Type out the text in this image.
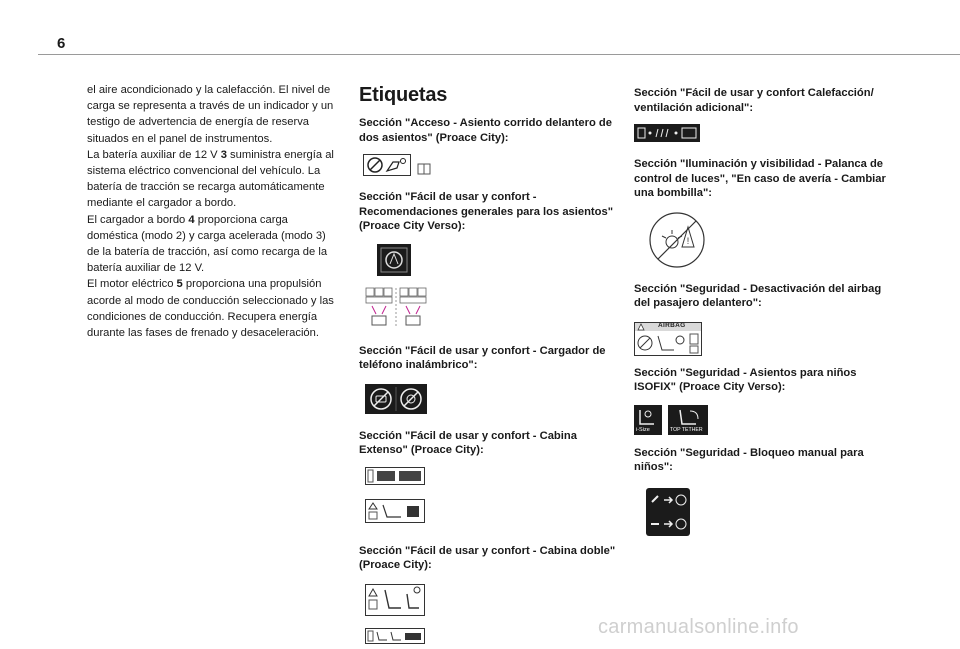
6

el aire acondicionado y la calefacción. El nivel de carga se representa a través de un indicador y un testigo de advertencia de energía de reserva situados en el panel de instrumentos.

La batería auxiliar de 12 V 3 suministra energía al sistema eléctrico convencional del vehículo. La batería de tracción se recarga automáticamente mediante el cargador a bordo.

El cargador a bordo 4 proporciona carga doméstica (modo 2) y carga acelerada (modo 3) de la batería de tracción, así como recarga de la batería auxiliar de 12 V.

El motor eléctrico 5 proporciona una propulsión acorde al modo de conducción seleccionado y las condiciones de conducción. Recupera energía durante las fases de frenado y desaceleración.

Etiquetas
Sección "Acceso - Asiento corrido delantero de dos asientos" (Proace City):
Sección "Fácil de usar y confort - Recomendaciones generales para los asientos" (Proace City Verso):
Sección "Fácil de usar y confort - Cargador de teléfono inalámbrico":
Sección "Fácil de usar y confort - Cabina Extenso" (Proace City):
Sección "Fácil de usar y confort - Cabina doble" (Proace City):
Sección "Fácil de usar y confort Calefacción/ ventilación adicional":
Sección "Iluminación y visibilidad - Palanca de control de luces", "En caso de avería - Cambiar una bombilla":
!
Sección "Seguridad - Desactivación del airbag del pasajero delantero":
AIRBAG
Sección "Seguridad - Asientos para niños ISOFIX" (Proace City Verso):
i-Size	TOP TETHER
Sección "Seguridad - Bloqueo manual para niños":
carmanualsonline.info
